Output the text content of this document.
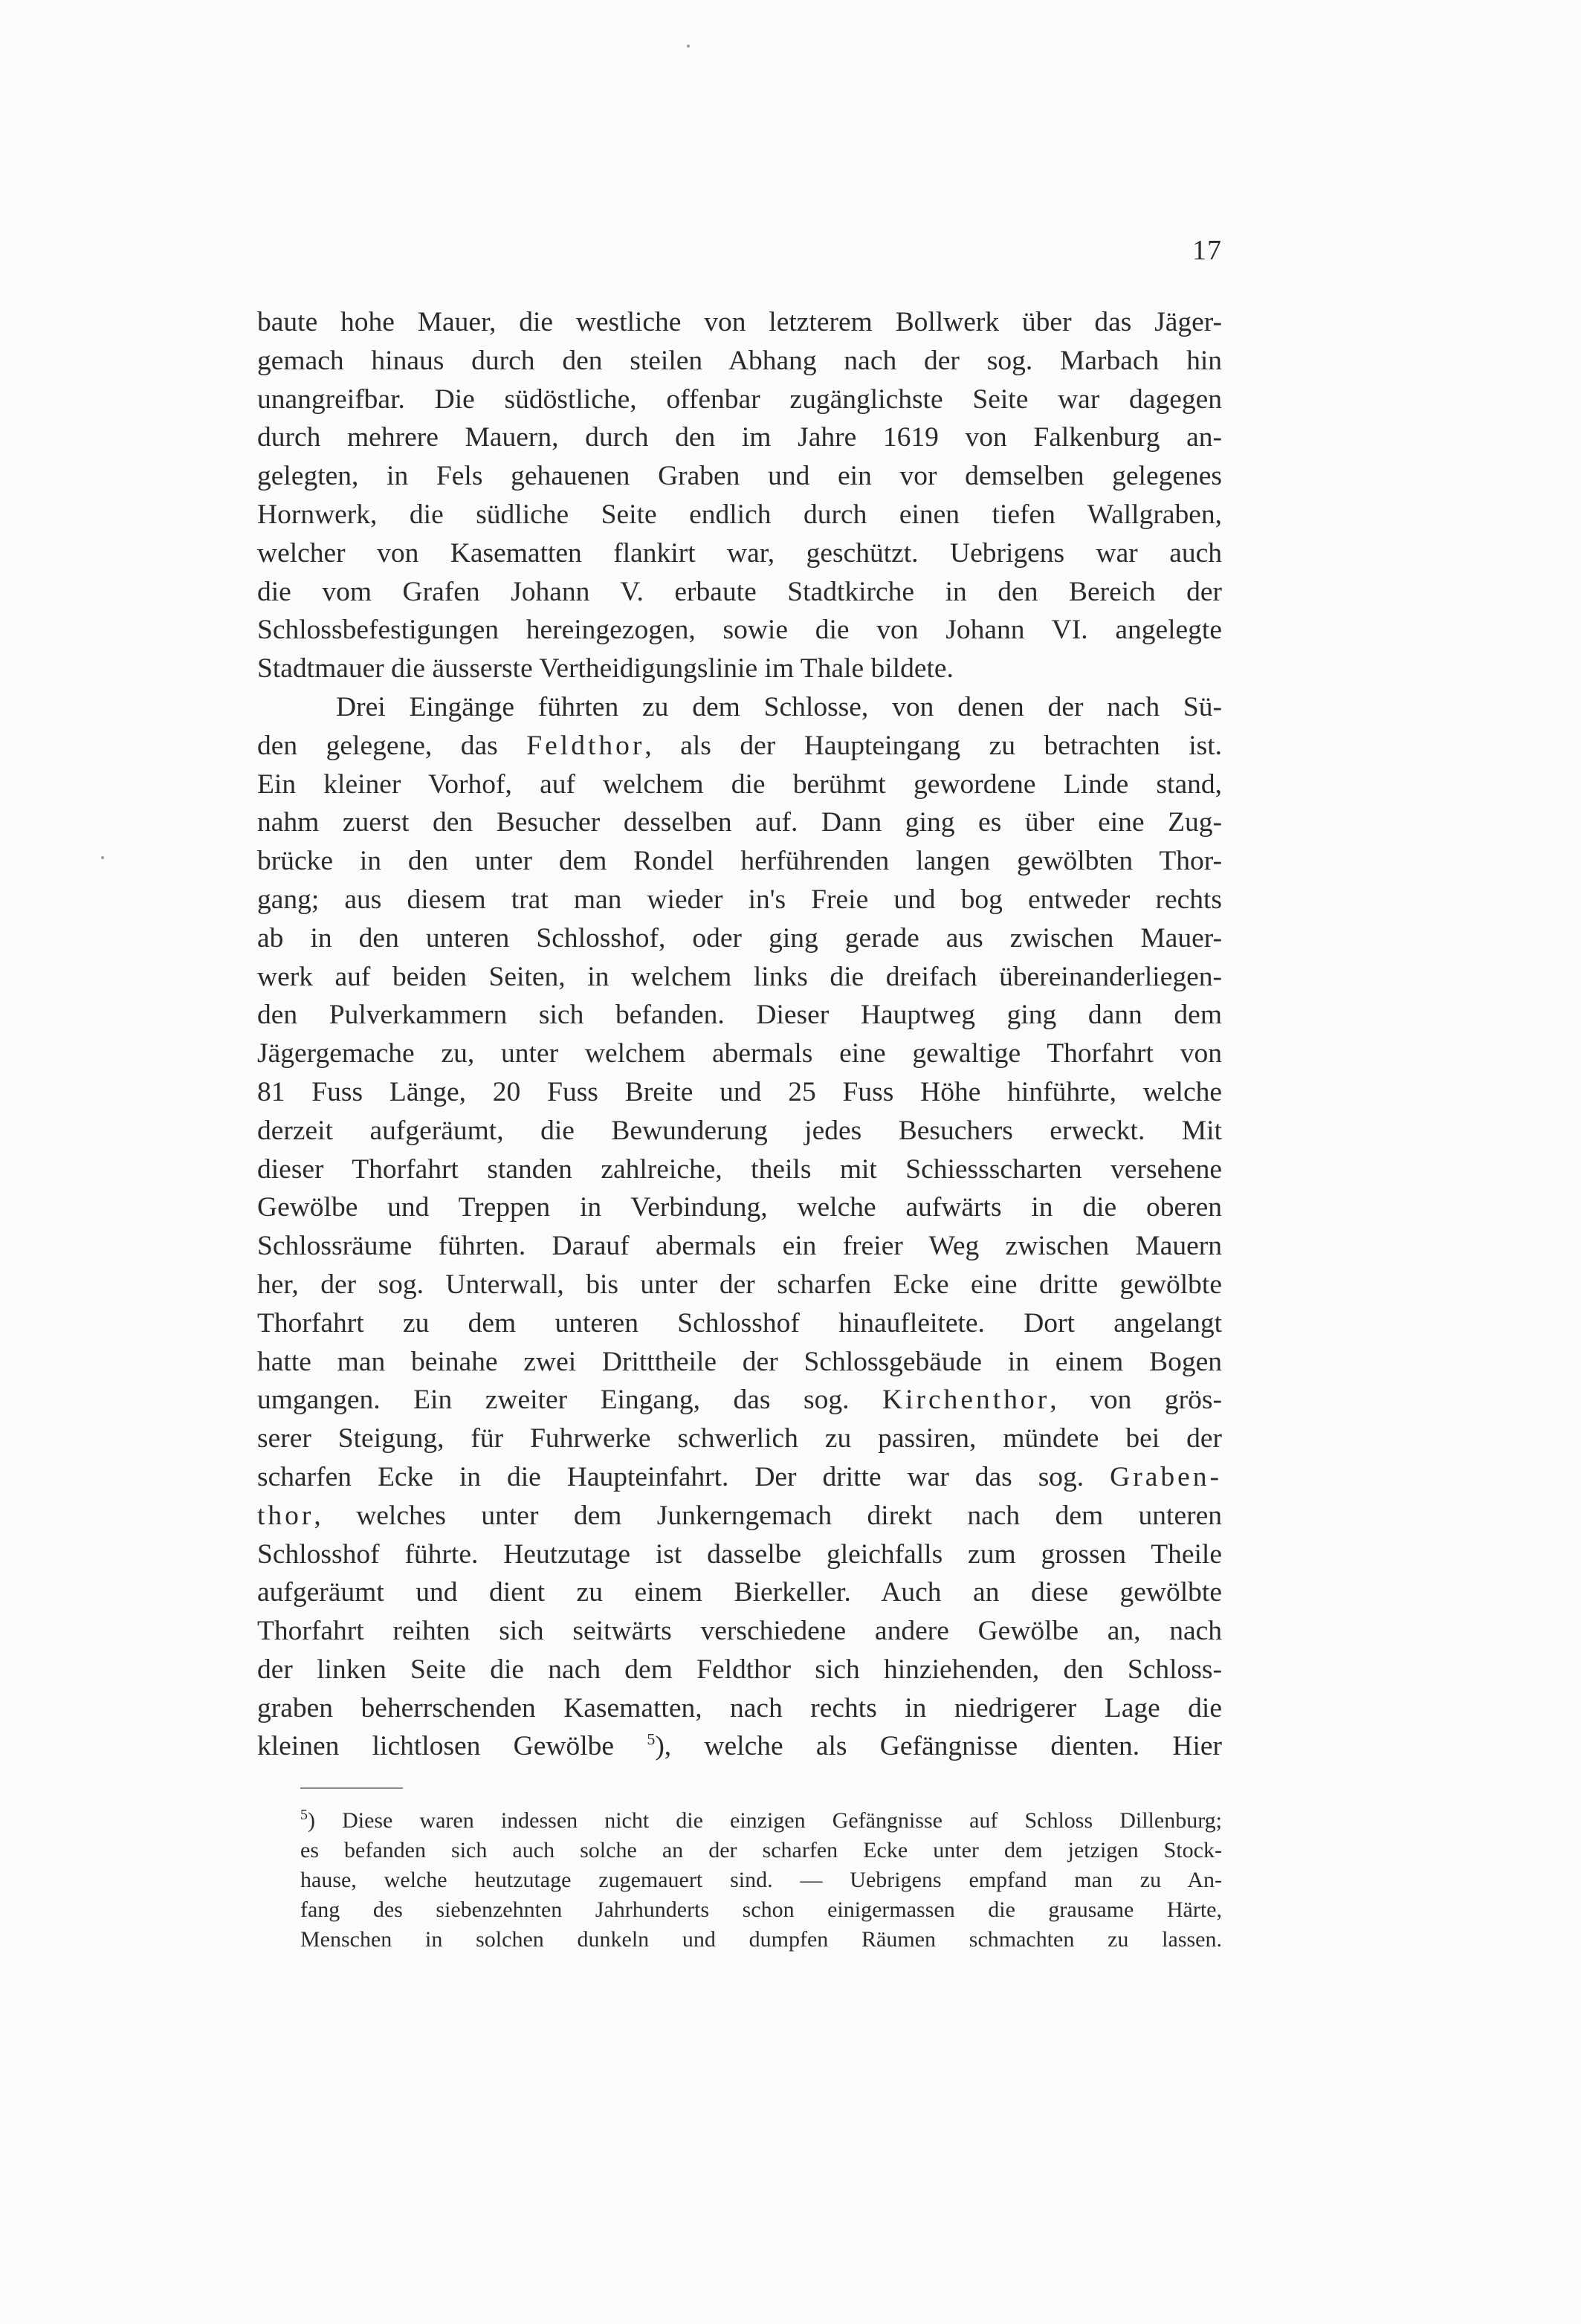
17
baute hohe Mauer, die westliche von letzterem Bollwerk über das Jäger-
gemach hinaus durch den steilen Abhang nach der sog. Marbach hin
unangreifbar. Die südöstliche, offenbar zugänglichste Seite war dagegen
durch mehrere Mauern, durch den im Jahre 1619 von Falkenburg an-
gelegten, in Fels gehauenen Graben und ein vor demselben gelegenes
Hornwerk, die südliche Seite endlich durch einen tiefen Wallgraben,
welcher von Kasematten flankirt war, geschützt. Uebrigens war auch
die vom Grafen Johann V. erbaute Stadtkirche in den Bereich der
Schlossbefestigungen hereingezogen, sowie die von Johann VI. angelegte
Stadtmauer die äusserste Vertheidigungslinie im Thale bildete.
Drei Eingänge führten zu dem Schlosse, von denen der nach Sü-
den gelegene, das Feldthor, als der Haupteingang zu betrachten ist.
Ein kleiner Vorhof, auf welchem die berühmt gewordene Linde stand,
nahm zuerst den Besucher desselben auf. Dann ging es über eine Zug-
brücke in den unter dem Rondel herführenden langen gewölbten Thor-
gang; aus diesem trat man wieder in's Freie und bog entweder rechts
ab in den unteren Schlosshof, oder ging gerade aus zwischen Mauer-
werk auf beiden Seiten, in welchem links die dreifach übereinanderliegen-
den Pulverkammern sich befanden. Dieser Hauptweg ging dann dem
Jägergemache zu, unter welchem abermals eine gewaltige Thorfahrt von
81 Fuss Länge, 20 Fuss Breite und 25 Fuss Höhe hinführte, welche
derzeit aufgeräumt, die Bewunderung jedes Besuchers erweckt. Mit
dieser Thorfahrt standen zahlreiche, theils mit Schiessscharten versehene
Gewölbe und Treppen in Verbindung, welche aufwärts in die oberen
Schlossräume führten. Darauf abermals ein freier Weg zwischen Mauern
her, der sog. Unterwall, bis unter der scharfen Ecke eine dritte gewölbte
Thorfahrt zu dem unteren Schlosshof hinaufleitete. Dort angelangt
hatte man beinahe zwei Dritttheile der Schlossgebäude in einem Bogen
umgangen. Ein zweiter Eingang, das sog. Kirchenthor, von grös-
serer Steigung, für Fuhrwerke schwerlich zu passiren, mündete bei der
scharfen Ecke in die Haupteinfahrt. Der dritte war das sog. Graben-
thor, welches unter dem Junkerngemach direkt nach dem unteren
Schlosshof führte. Heutzutage ist dasselbe gleichfalls zum grossen Theile
aufgeräumt und dient zu einem Bierkeller. Auch an diese gewölbte
Thorfahrt reihten sich seitwärts verschiedene andere Gewölbe an, nach
der linken Seite die nach dem Feldthor sich hinziehenden, den Schloss-
graben beherrschenden Kasematten, nach rechts in niedrigerer Lage die
kleinen lichtlosen Gewölbe $^5$), welche als Gefängnisse dienten. Hier
$^5$) Diese waren indessen nicht die einzigen Gefängnisse auf Schloss Dillenburg;
es befanden sich auch solche an der scharfen Ecke unter dem jetzigen Stock-
hause, welche heutzutage zugemauert sind. — Uebrigens empfand man zu An-
fang des siebenzehnten Jahrhunderts schon einigermassen die grausame Härte,
Menschen in solchen dunkeln und dumpfen Räumen schmachten zu lassen.
